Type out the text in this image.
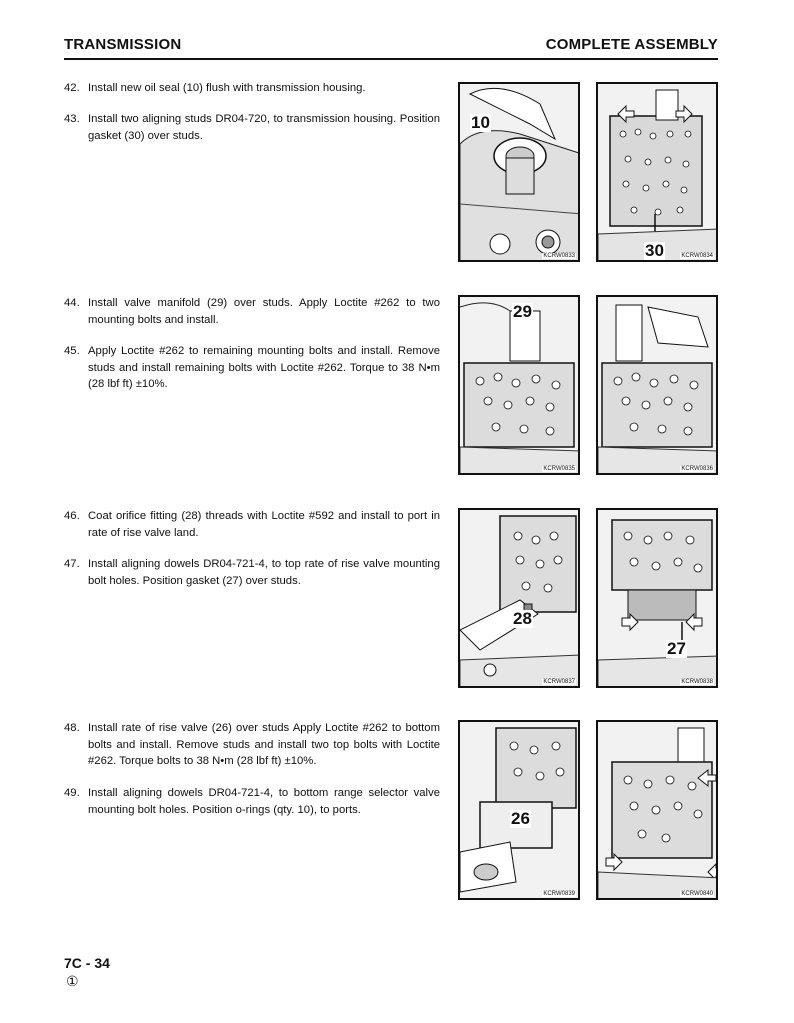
TRANSMISSION	COMPLETE ASSEMBLY
42. Install new oil seal (10) flush with transmission housing.
43. Install two aligning studs DR04-720, to transmission housing. Position gasket (30) over studs.
44. Install valve manifold (29) over studs. Apply Loctite #262 to two mounting bolts and install.
45. Apply Loctite #262 to remaining mounting bolts and install. Remove studs and install remaining bolts with Loctite #262. Torque to 38 N•m (28 lbf ft) ±10%.
46. Coat orifice fitting (28) threads with Loctite #592 and install to port in rate of rise valve land.
47. Install aligning dowels DR04-721-4, to top rate of rise valve mounting bolt holes. Position gasket (27) over studs.
48. Install rate of rise valve (26) over studs Apply Loctite #262 to bottom bolts and install. Remove studs and install two top bolts with Loctite #262. Torque bolts to 38 N•m (28 lbf ft) ±10%.
49. Install aligning dowels DR04-721-4, to bottom range selector valve mounting bolt holes. Position o-rings (qty. 10), to ports.
10
KCRW0833	30	KCRW0834
29
KCRW0835	KCRW0836
28
KCRW0837
27
KCRW0838
26
KCRW0839	KCRW0840
7C - 34
①
